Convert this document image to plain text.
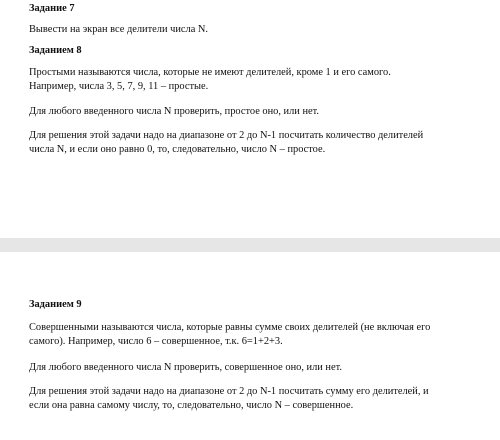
Задание 7
Вывести на экран все делители числа N.
Заданием 8
Простыми называются числа, которые не имеют делителей, кроме 1 и его самого.
Например, числа 3, 5, 7, 9, 11 – простые.
Для любого введенного числа N проверить, простое оно, или нет.
Для решения этой задачи надо на диапазоне от 2 до N-1 посчитать количество делителей
числа N, и если оно равно 0, то, следовательно, число N – простое.
Заданием 9
Совершенными называются числа, которые равны сумме своих делителей (не включая его
самого). Например, число 6 – совершенное, т.к. 6=1+2+3.
Для любого введенного числа N проверить, совершенное оно, или нет.
Для решения этой задачи надо на диапазоне от 2 до N-1 посчитать сумму его делителей, и
если она равна самому числу, то, следовательно, число N – совершенное.
